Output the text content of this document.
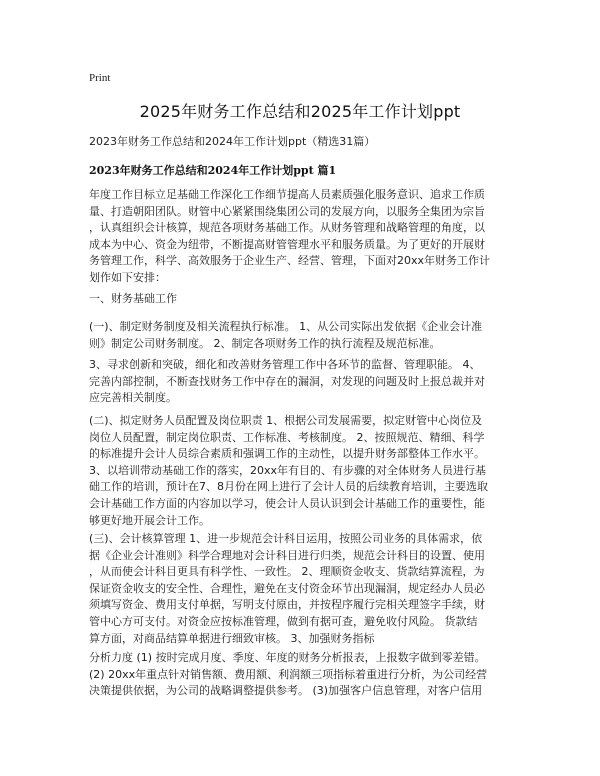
Print
2025年财务工作总结和2025年工作计划ppt
2023年财务工作总结和2024年工作计划ppt（精选31篇）
2023年财务工作总结和2024年工作计划ppt 篇1
年度工作目标立足基础工作深化工作细节提高人员素质强化服务意识、追求工作质
量、打造朝阳团队。财管中心紧紧围绕集团公司的发展方向，以服务全集团为宗旨
，认真组织会计核算，规范各项财务基础工作。从财务管理和战略管理的角度，以
成本为中心、资金为纽带，不断提高财管管理水平和服务质量。为了更好的开展财
务管理工作，科学、高效服务于企业生产、经营、管理，下面对20xx年财务工作计
划作如下安排：
一、财务基础工作
(一)、制定财务制度及相关流程执行标准。 1、从公司实际出发依据《企业会计准
则》制定公司财务制度。 2、制定各项财务工作的执行流程及规范标准。
3、寻求创新和突破，细化和改善财务管理工作中各环节的监督、管理职能。 4、
完善内部控制，不断查找财务工作中存在的漏洞，对发现的问题及时上报总裁并对
应完善相关制度。
(二)、拟定财务人员配置及岗位职责 1、根据公司发展需要，拟定财管中心岗位及
岗位人员配置，制定岗位职责、工作标准、考核制度。 2、按照规范、精细、科学
的标准提升会计人员综合素质和强调工作的主动性，以提升财务部整体工作水平。
3、以培训带动基础工作的落实，20xx年有目的、有步骤的对全体财务人员进行基
础工作的培训，预计在7、8月份在网上进行了会计人员的后续教育培训，主要选取
会计基础工作方面的内容加以学习，使会计人员认识到会计基础工作的重要性，能
够更好地开展会计工作。
(三)、会计核算管理 1、进一步规范会计科目运用，按照公司业务的具体需求，依
据《企业会计准则》科学合理地对会计科目进行归类，规范会计科目的设置、使用
，从而使会计科目更具有科学性、一致性。 2、理顺资金收支、货款结算流程，为
保证资金收支的安全性、合理性，避免在支付资金环节出现漏洞，规定经办人员必
须填写资金、费用支付单据，写明支付原由，并按程序履行完相关理签字手续，财
管中心方可支付。对资金应按标准管理，做到有据可查，避免收付风险。 货款结
算方面，对商品结算单据进行细致审核。 3、加强财务指标
分析力度 (1) 按时完成月度、季度、年度的财务分析报表，上报数字做到零差错。
(2) 20xx年重点针对销售额、费用额、利润额三项指标着重进行分析，为公司经营
决策提供依据，为公司的战略调整提供参考。 (3)加强客户信息管理，对客户信用
